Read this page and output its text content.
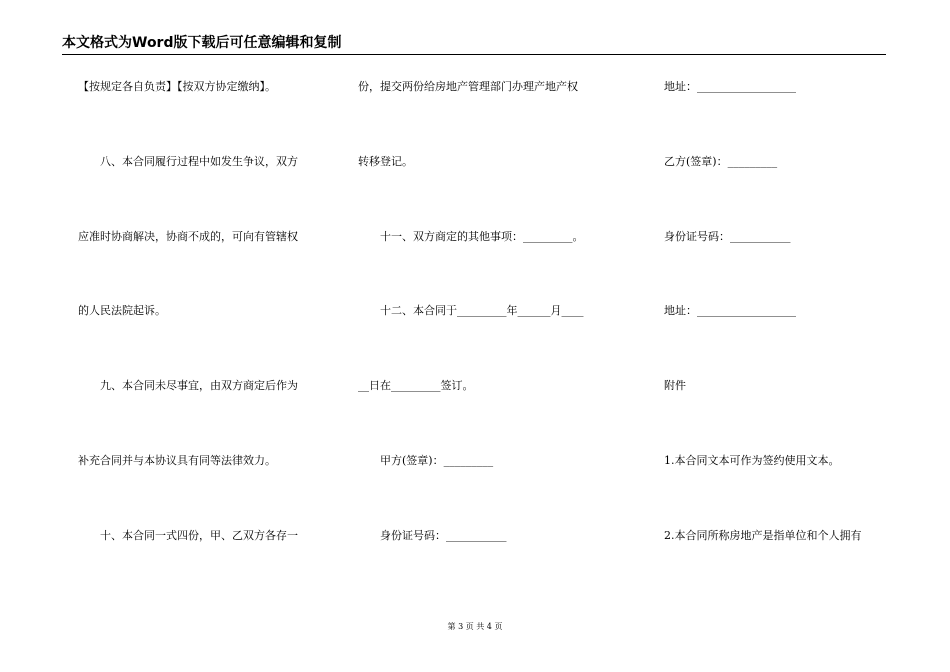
本文格式为Word版下载后可任意编辑和复制
【按规定各自负责】【按双方协定缴纳】。
　　八、本合同履行过程中如发生争议，双方
应准时协商解决，协商不成的，可向有管辖权
的人民法院起诉。
　　九、本合同未尽事宜，由双方商定后作为
补充合同并与本协议具有同等法律效力。
　　十、本合同一式四份，甲、乙双方各存一
份，提交两份给房地产管理部门办理产地产权
转移登记。
　　十一、双方商定的其他事项：_________。
　　十二、本合同于_________年______月____
__日在_________签订。
　　甲方(签章)：_________
　　身份证号码：___________
地址：__________________
乙方(签章)：_________
身份证号码：___________
地址：__________________
附件
1.本合同文本可作为签约使用文本。
2.本合同所称房地产是指单位和个人拥有
第 3 页 共 4 页
